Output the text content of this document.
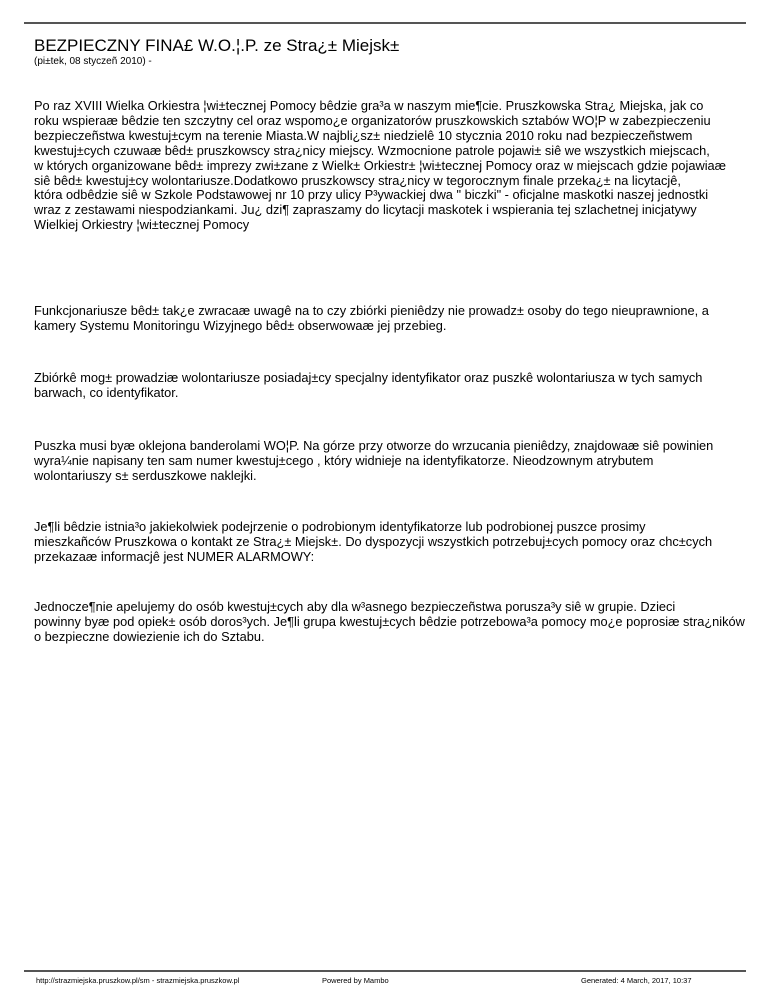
BEZPIECZNY FINA£ W.O.¦.P. ze Stra¿± Miejsk±
(pi±tek, 08 styczeñ 2010) -
Po raz XVIII Wielka Orkiestra ¦wi±tecznej Pomocy bêdzie gra³a w naszym mie¶cie. Pruszkowska Stra¿ Miejska, jak co
roku wspieraæ bêdzie ten szczytny cel oraz wspomo¿e organizatorów pruszkowskich sztabów WO¦P w zabezpieczeniu
bezpieczeñstwa kwestuj±cym na terenie Miasta.W najbli¿sz± niedzielê 10 stycznia 2010 roku nad bezpieczeñstwem
kwestuj±cych czuwaæ bêd± pruszkowscy stra¿nicy miejscy. Wzmocnione patrole pojawi± siê we wszystkich miejscach,
w których organizowane bêd± imprezy zwi±zane z Wielk± Orkiestr± ¦wi±tecznej Pomocy oraz w miejscach gdzie pojawiaæ
siê bêd± kwestuj±cy wolontariusze.Dodatkowo pruszkowscy stra¿nicy w tegorocznym finale przeka¿± na licytacjê,
która odbêdzie siê w Szkole Podstawowej nr 10 przy ulicy P³ywackiej dwa " biczki" - oficjalne maskotki naszej jednostki
wraz z zestawami niespodziankami. Ju¿ dzi¶ zapraszamy do licytacji maskotek i wspierania tej szlachetnej inicjatywy
Wielkiej Orkiestry ¦wi±tecznej Pomocy
Funkcjonariusze bêd± tak¿e zwracaæ uwagê na to czy zbiórki pieniêdzy nie prowadz± osoby do tego nieuprawnione, a
kamery Systemu Monitoringu Wizyjnego bêd± obserwowaæ jej przebieg.
Zbiórkê mog± prowadziæ wolontariusze posiadaj±cy specjalny identyfikator oraz puszkê wolontariusza w tych samych
barwach, co identyfikator.
Puszka musi byæ oklejona banderolami WO¦P. Na górze przy otworze do wrzucania pieniêdzy, znajdowaæ siê powinien
wyra¼nie napisany ten sam numer kwestuj±cego , który widnieje na identyfikatorze. Nieodzownym atrybutem
wolontariuszy s± serduszkowe naklejki.
Je¶li bêdzie istnia³o jakiekolwiek podejrzenie o podrobionym identyfikatorze lub podrobionej puszce prosimy
mieszkañców Pruszkowa o kontakt ze Stra¿± Miejsk±. Do dyspozycji wszystkich potrzebuj±cych pomocy oraz chc±cych
przekazaæ informacjê jest NUMER ALARMOWY:
Jednocze¶nie apelujemy do osób kwestuj±cych aby dla w³asnego bezpieczeñstwa porusza³y siê w grupie. Dzieci
powinny byæ pod opiek± osób doros³ych. Je¶li grupa kwestuj±cych bêdzie potrzebowa³a pomocy mo¿e poprosiæ stra¿ników
o bezpieczne dowiezienie ich do Sztabu.
http://strazmiejska.pruszkow.pl/sm - strazmiejska.pruszkow.pl	Powered by Mambo	Generated: 4 March, 2017, 10:37
